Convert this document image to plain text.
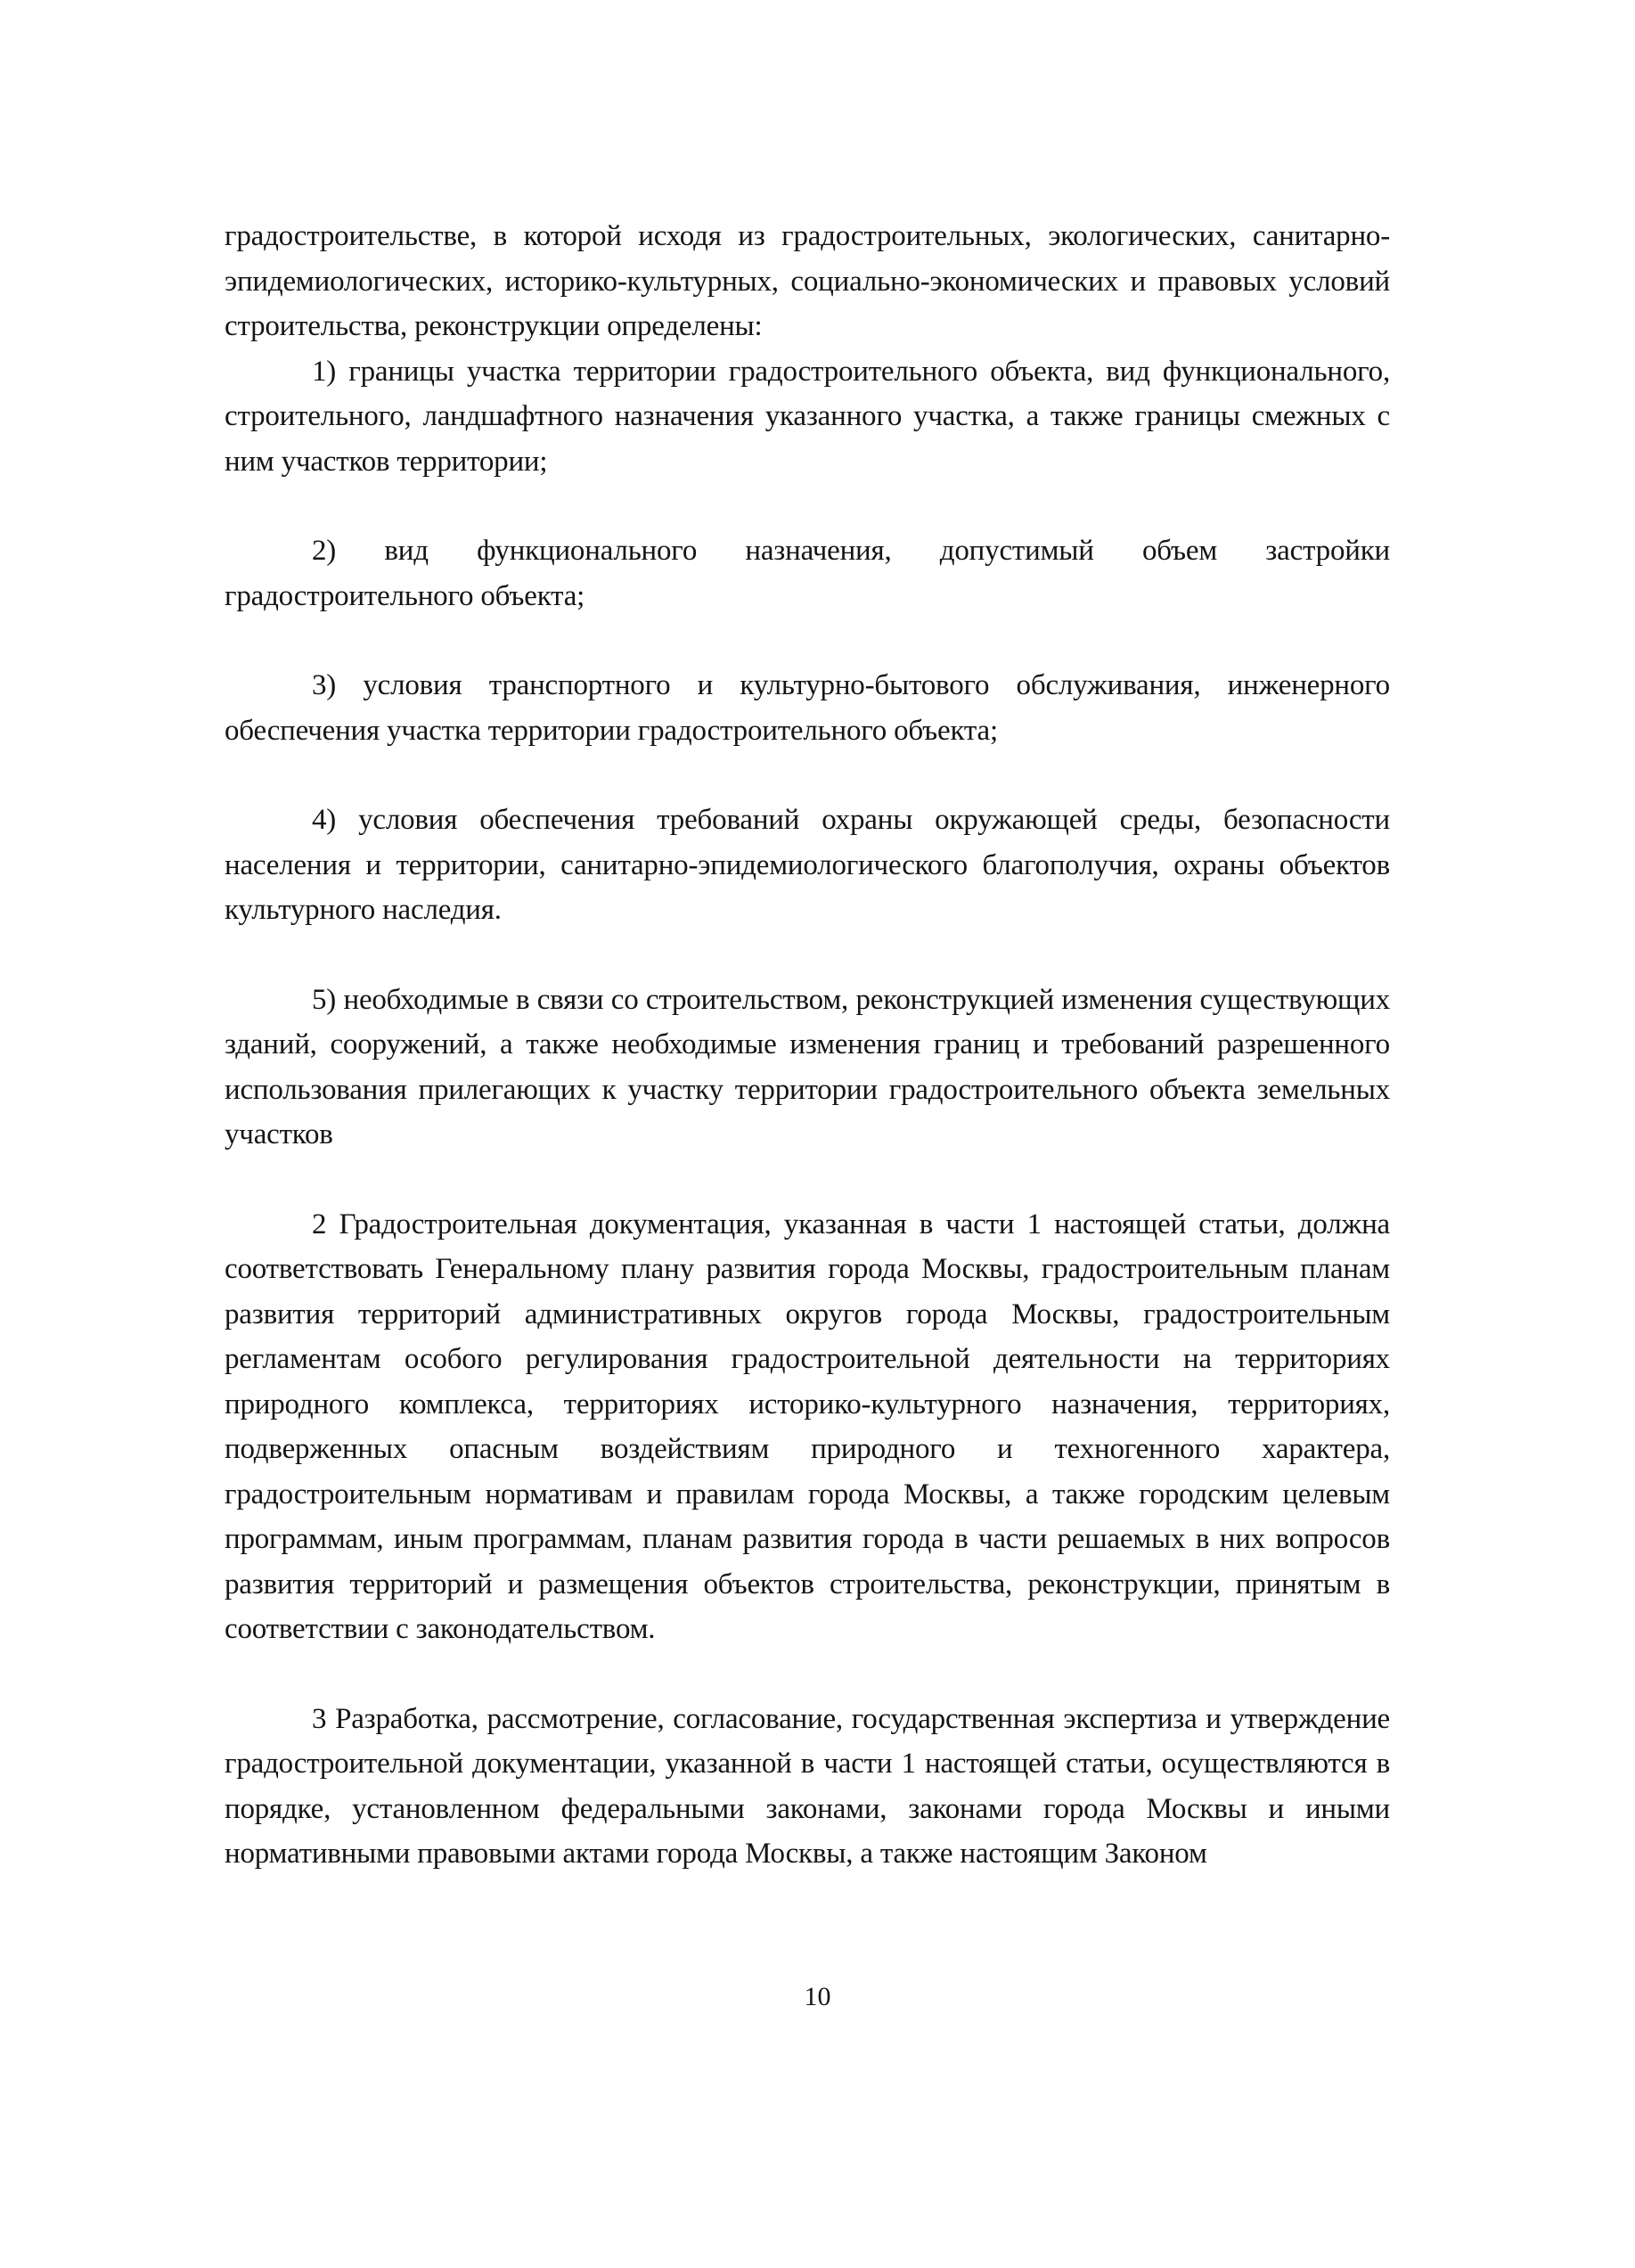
градостроительстве, в которой исходя из градостроительных, экологических, санитарно-эпидемиологических, историко-культурных, социально-экономических и правовых условий строительства, реконструкции определены:

1) границы участка территории градостроительного объекта, вид функционального, строительного, ландшафтного назначения указанного участка, а также границы смежных с ним участков территории;

2) вид функционального назначения, допустимый объем застройки градостроительного объекта;

3) условия транспортного и культурно-бытового обслуживания, инженерного обеспечения участка территории градостроительного объекта;

4) условия обеспечения требований охраны окружающей среды, безопасности населения и территории, санитарно-эпидемиологического благополучия, охраны объектов культурного наследия.

5) необходимые в связи со строительством, реконструкцией изменения существующих зданий, сооружений, а также необходимые изменения границ и требований разрешенного использования прилегающих к участку территории градостроительного объекта земельных участков

2 Градостроительная документация, указанная в части 1 настоящей статьи, должна соответствовать Генеральному плану развития города Москвы, градостроительным планам развития территорий административных округов города Москвы, градостроительным регламентам особого регулирования градостроительной деятельности на территориях природного комплекса, территориях историко-культурного назначения, территориях, подверженных опасным воздействиям природного и техногенного характера, градостроительным нормативам и правилам города Москвы, а также городским целевым программам, иным программам, планам развития города в части решаемых в них вопросов развития территорий и размещения объектов строительства, реконструкции, принятым в соответствии с законодательством.

3 Разработка, рассмотрение, согласование, государственная экспертиза и утверждение градостроительной документации, указанной в части 1 настоящей статьи, осуществляются в порядке, установленном федеральными законами, законами города Москвы и иными нормативными правовыми актами города Москвы, а также настоящим Законом

10
